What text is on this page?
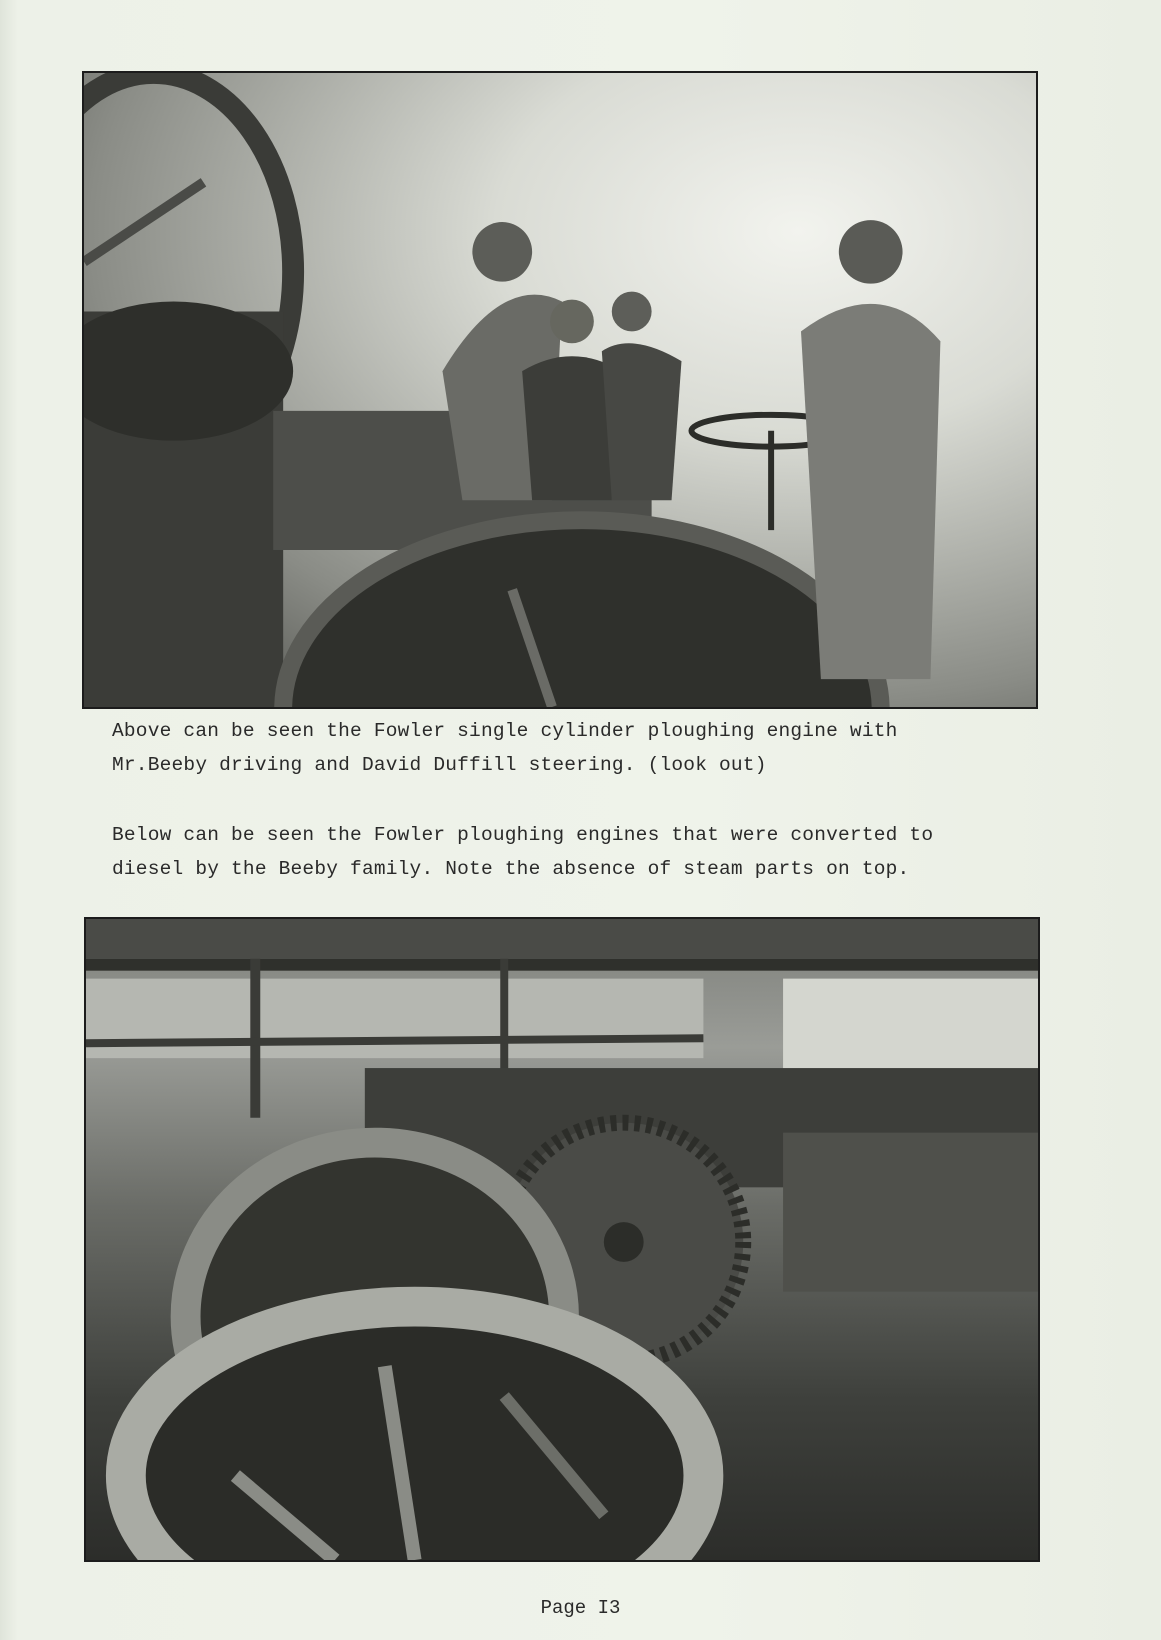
Above can be seen the Fowler single cylinder ploughing engine with
Mr.Beeby driving and David Duffill steering. (look out)
Below can be seen the Fowler ploughing engines that were converted to
diesel by the Beeby family. Note the absence of steam parts on top.
Page I3
